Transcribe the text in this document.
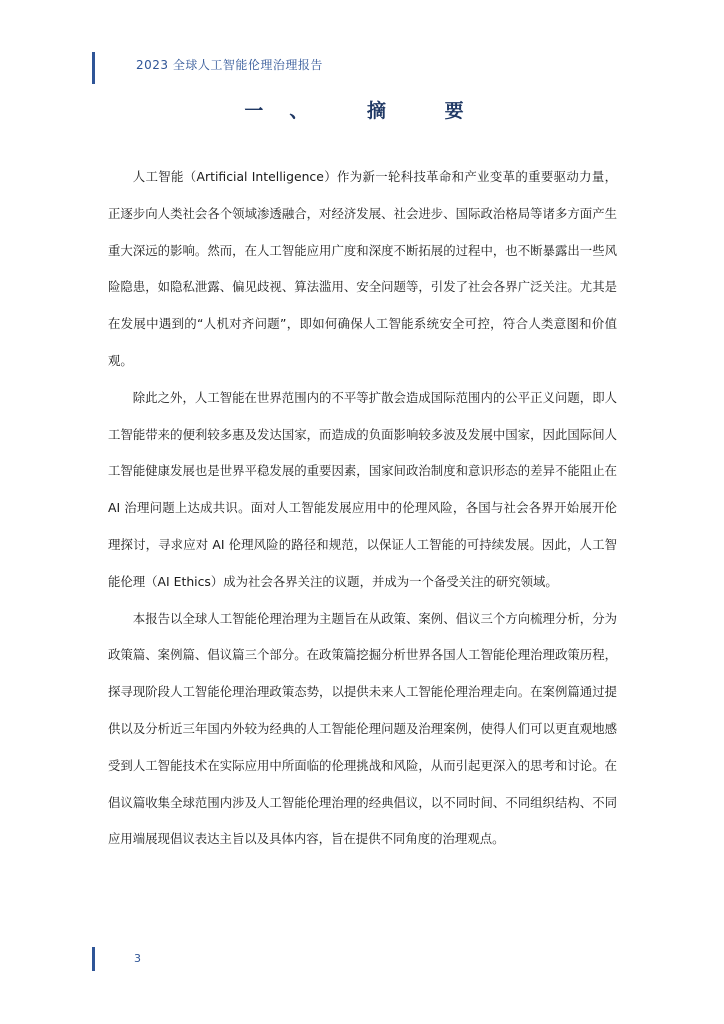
2023 全球人工智能伦理治理报告
一、 摘 要

人工智能（Artificial Intelligence）作为新一轮科技革命和产业变革的重要驱动力量，正逐步向人类社会各个领域渗透融合，对经济发展、社会进步、国际政治格局等诸多方面产生重大深远的影响。然而，在人工智能应用广度和深度不断拓展的过程中，也不断暴露出一些风险隐患，如隐私泄露、偏见歧视、算法滥用、安全问题等，引发了社会各界广泛关注。尤其是在发展中遇到的“人机对齐问题”，即如何确保人工智能系统安全可控，符合人类意图和价值观。

除此之外，人工智能在世界范围内的不平等扩散会造成国际范围内的公平正义问题，即人工智能带来的便利较多惠及发达国家，而造成的负面影响较多波及发展中国家，因此国际间人工智能健康发展也是世界平稳发展的重要因素，国家间政治制度和意识形态的差异不能阻止在 AI 治理问题上达成共识。面对人工智能发展应用中的伦理风险，各国与社会各界开始展开伦理探讨，寻求应对 AI 伦理风险的路径和规范，以保证人工智能的可持续发展。因此，人工智能伦理（AI Ethics）成为社会各界关注的议题，并成为一个备受关注的研究领域。

本报告以全球人工智能伦理治理为主题旨在从政策、案例、倡议三个方向梳理分析，分为政策篇、案例篇、倡议篇三个部分。在政策篇挖掘分析世界各国人工智能伦理治理政策历程，探寻现阶段人工智能伦理治理政策态势，以提供未来人工智能伦理治理走向。在案例篇通过提供以及分析近三年国内外较为经典的人工智能伦理问题及治理案例，使得人们可以更直观地感受到人工智能技术在实际应用中所面临的伦理挑战和风险，从而引起更深入的思考和讨论。在倡议篇收集全球范围内涉及人工智能伦理治理的经典倡议，以不同时间、不同组织结构、不同应用端展现倡议表达主旨以及具体内容，旨在提供不同角度的治理观点。

3
